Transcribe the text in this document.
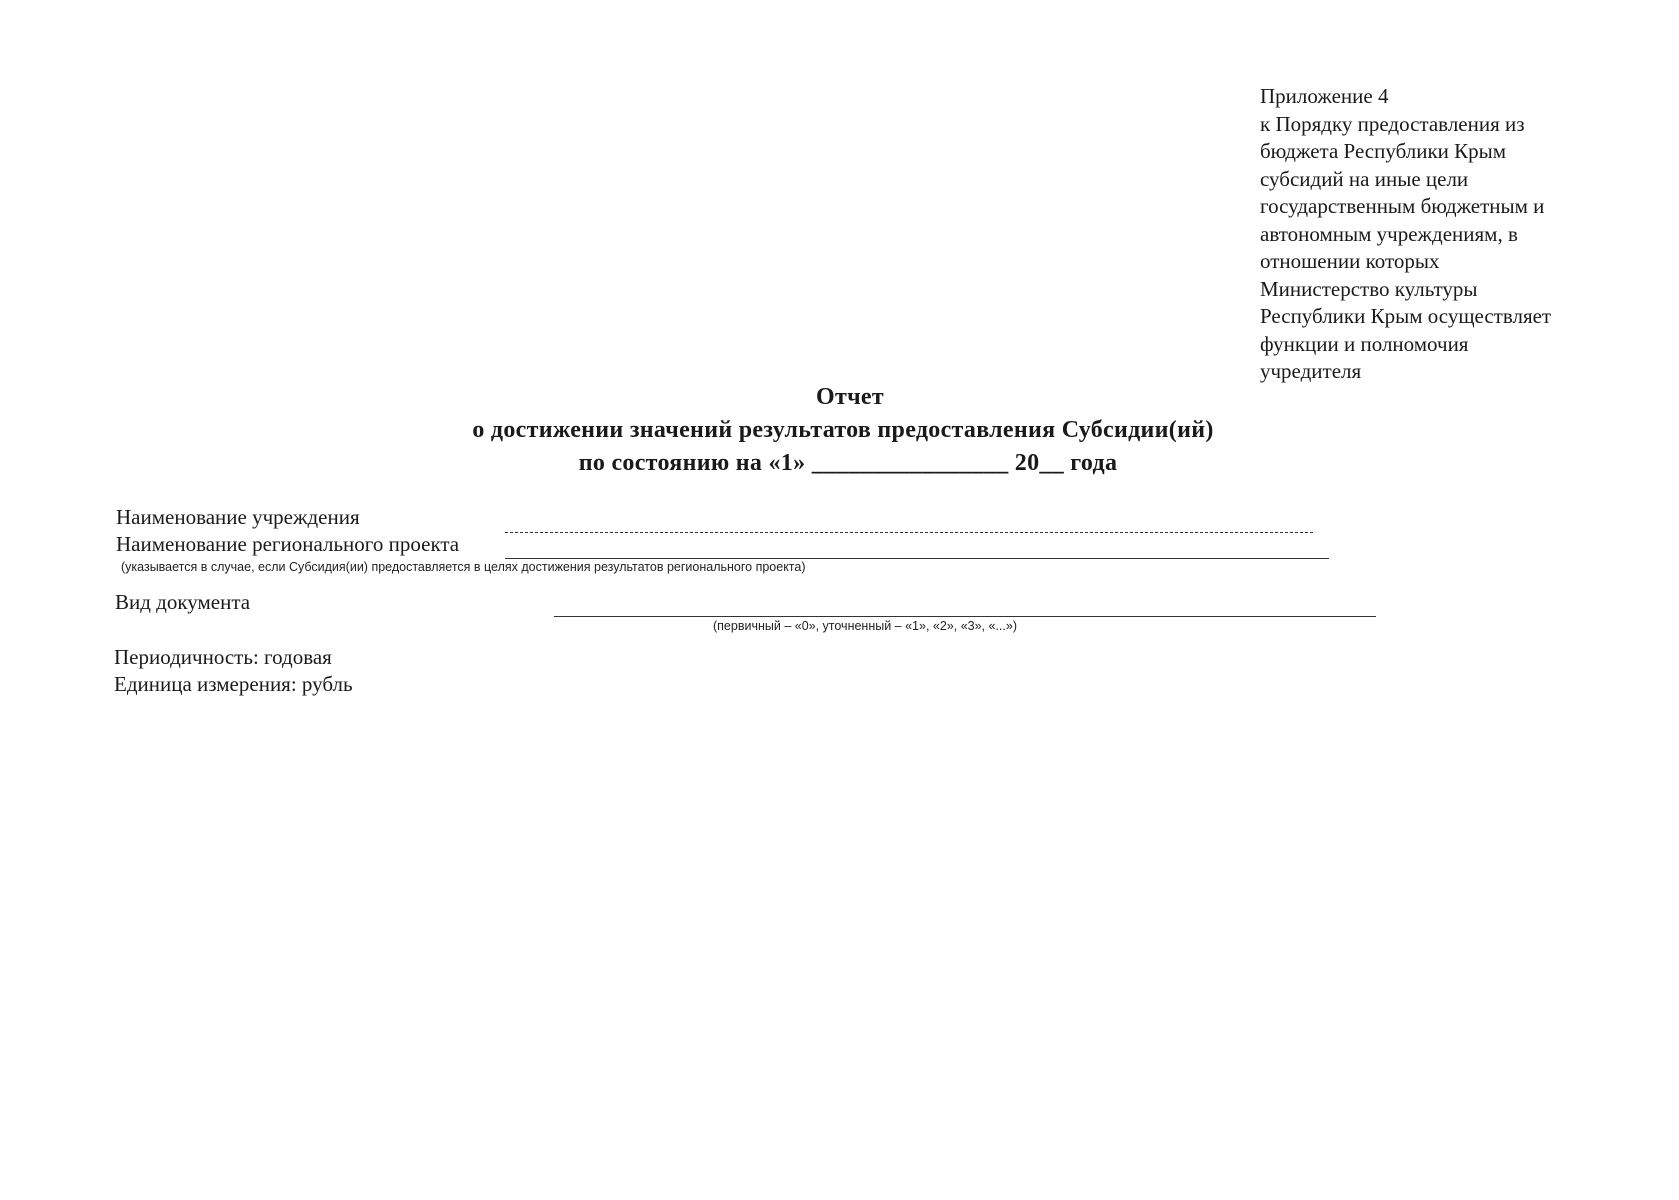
Приложение 4
к Порядку предоставления из
бюджета Республики Крым
субсидий на иные цели
государственным бюджетным и
автономным учреждениям, в
отношении которых
Министерство культуры
Республики Крым осуществляет
функции и полномочия
учредителя
Отчет
о достижении значений результатов предоставления Субсидии(ий)
по состоянию на «1» ________________ 20__ года
Наименование учреждения
Наименование регионального проекта
(указывается в случае, если Субсидия(ии) предоставляется в целях достижения результатов регионального проекта)
Вид документа
(первичный – «0», уточненный – «1», «2», «3», «...»)
Периодичность: годовая
Единица измерения: рубль
